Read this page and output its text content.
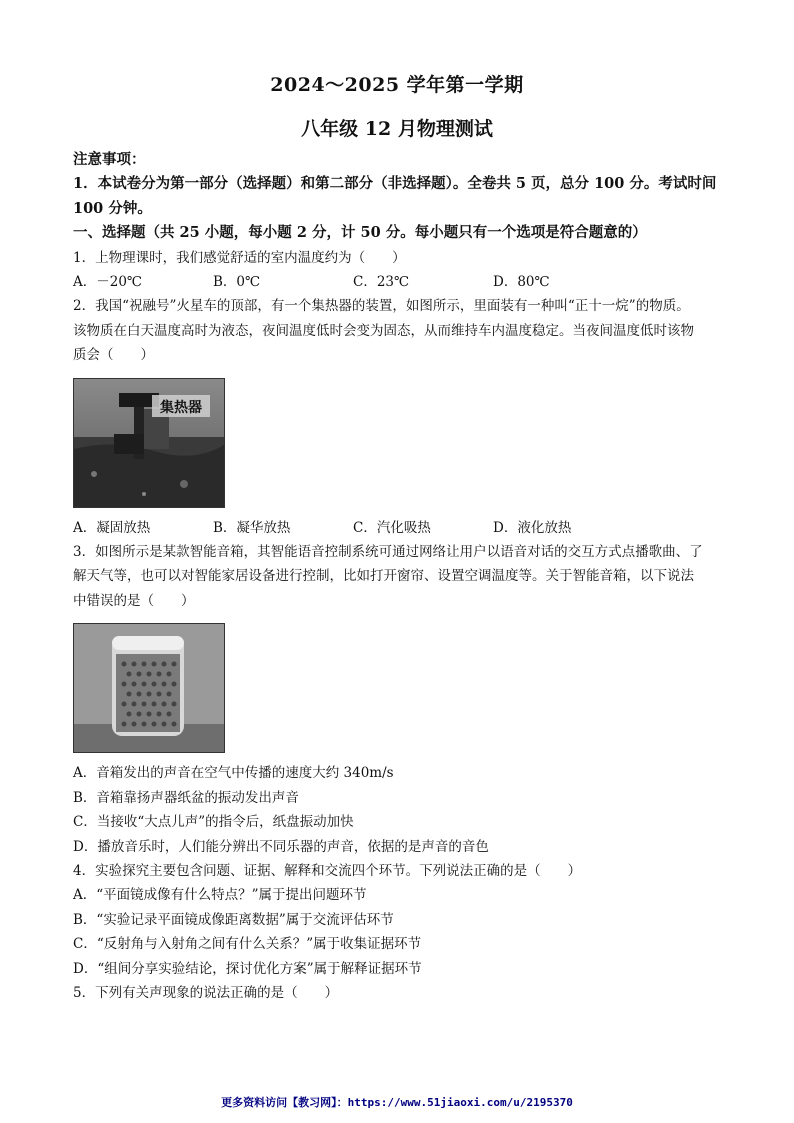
2024～2025 学年第一学期
八年级 12 月物理测试
注意事项：
1．本试卷分为第一部分（选择题）和第二部分（非选择题）。全卷共 5 页，总分 100 分。考试时间 100 分钟。
一、选择题（共 25 小题，每小题 2 分，计 50 分。每小题只有一个选项是符合题意的）
1．上物理课时，我们感觉舒适的室内温度约为（　　）
A．－20℃	B．0℃	C．23℃	D．80℃
2．我国“祝融号”火星车的顶部，有一个集热器的装置，如图所示，里面装有一种叫“正十一烷”的物质。
该物质在白天温度高时为液态，夜间温度低时会变为固态，从而维持车内温度稳定。当夜间温度低时该物
质会（　　）
集热器
A．凝固放热	B．凝华放热	C．汽化吸热	D．液化放热
3．如图所示是某款智能音箱，其智能语音控制系统可通过网络让用户以语音对话的交互方式点播歌曲、了
解天气等，也可以对智能家居设备进行控制，比如打开窗帘、设置空调温度等。关于智能音箱，以下说法
中错误的是（　　）
A．音箱发出的声音在空气中传播的速度大约 340m/s
B．音箱靠扬声器纸盆的振动发出声音
C．当接收“大点儿声”的指令后，纸盘振动加快
D．播放音乐时，人们能分辨出不同乐器的声音，依据的是声音的音色
4．实验探究主要包含问题、证据、解释和交流四个环节。下列说法正确的是（　　）
A．“平面镜成像有什么特点？”属于提出问题环节
B．“实验记录平面镜成像距离数据”属于交流评估环节
C．“反射角与入射角之间有什么关系？”属于收集证据环节
D．“组间分享实验结论，探讨优化方案”属于解释证据环节
5．下列有关声现象的说法正确的是（　　）
更多资料访问【教习网】：https://www.51jiaoxi.com/u/2195370
